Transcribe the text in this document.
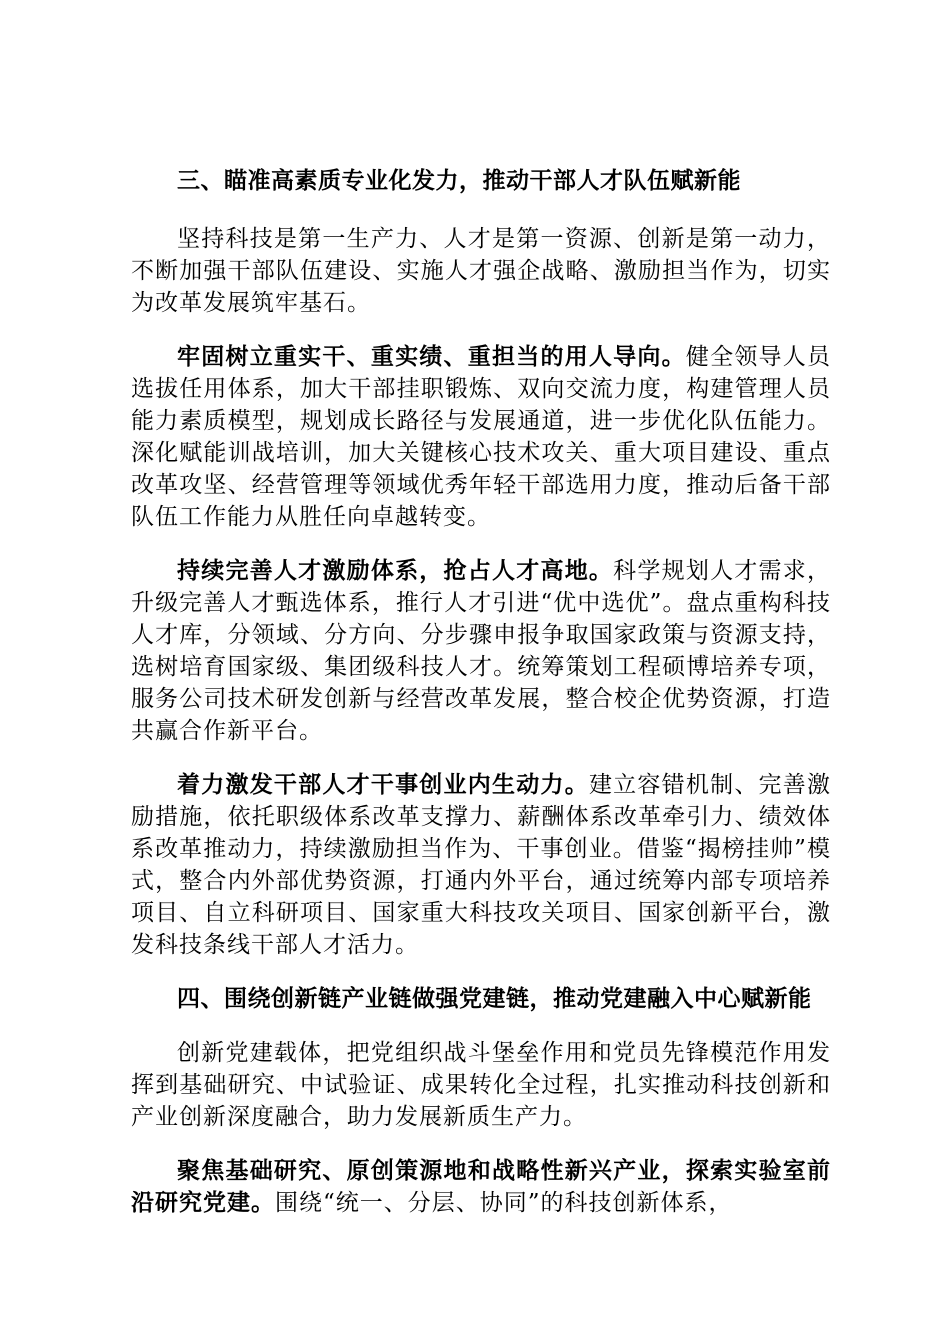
三、瞄准高素质专业化发力，推动干部人才队伍赋新能

坚持科技是第一生产力、人才是第一资源、创新是第一动力，不断加强干部队伍建设、实施人才强企战略、激励担当作为，切实为改革发展筑牢基石。

牢固树立重实干、重实绩、重担当的用人导向。健全领导人员选拔任用体系，加大干部挂职锻炼、双向交流力度，构建管理人员能力素质模型，规划成长路径与发展通道，进一步优化队伍能力。深化赋能训战培训，加大关键核心技术攻关、重大项目建设、重点改革攻坚、经营管理等领域优秀年轻干部选用力度，推动后备干部队伍工作能力从胜任向卓越转变。

持续完善人才激励体系，抢占人才高地。科学规划人才需求，升级完善人才甄选体系，推行人才引进“优中选优”。盘点重构科技人才库，分领域、分方向、分步骤申报争取国家政策与资源支持，选树培育国家级、集团级科技人才。统筹策划工程硕博培养专项，服务公司技术研发创新与经营改革发展，整合校企优势资源，打造共赢合作新平台。

着力激发干部人才干事创业内生动力。建立容错机制、完善激励措施，依托职级体系改革支撑力、薪酬体系改革牵引力、绩效体系改革推动力，持续激励担当作为、干事创业。借鉴“揭榜挂帅”模式，整合内外部优势资源，打通内外平台，通过统筹内部专项培养项目、自立科研项目、国家重大科技攻关项目、国家创新平台，激发科技条线干部人才活力。

四、围绕创新链产业链做强党建链，推动党建融入中心赋新能

创新党建载体，把党组织战斗堡垒作用和党员先锋模范作用发挥到基础研究、中试验证、成果转化全过程，扎实推动科技创新和产业创新深度融合，助力发展新质生产力。

聚焦基础研究、原创策源地和战略性新兴产业，探索实验室前沿研究党建。围绕“统一、分层、协同”的科技创新体系，
